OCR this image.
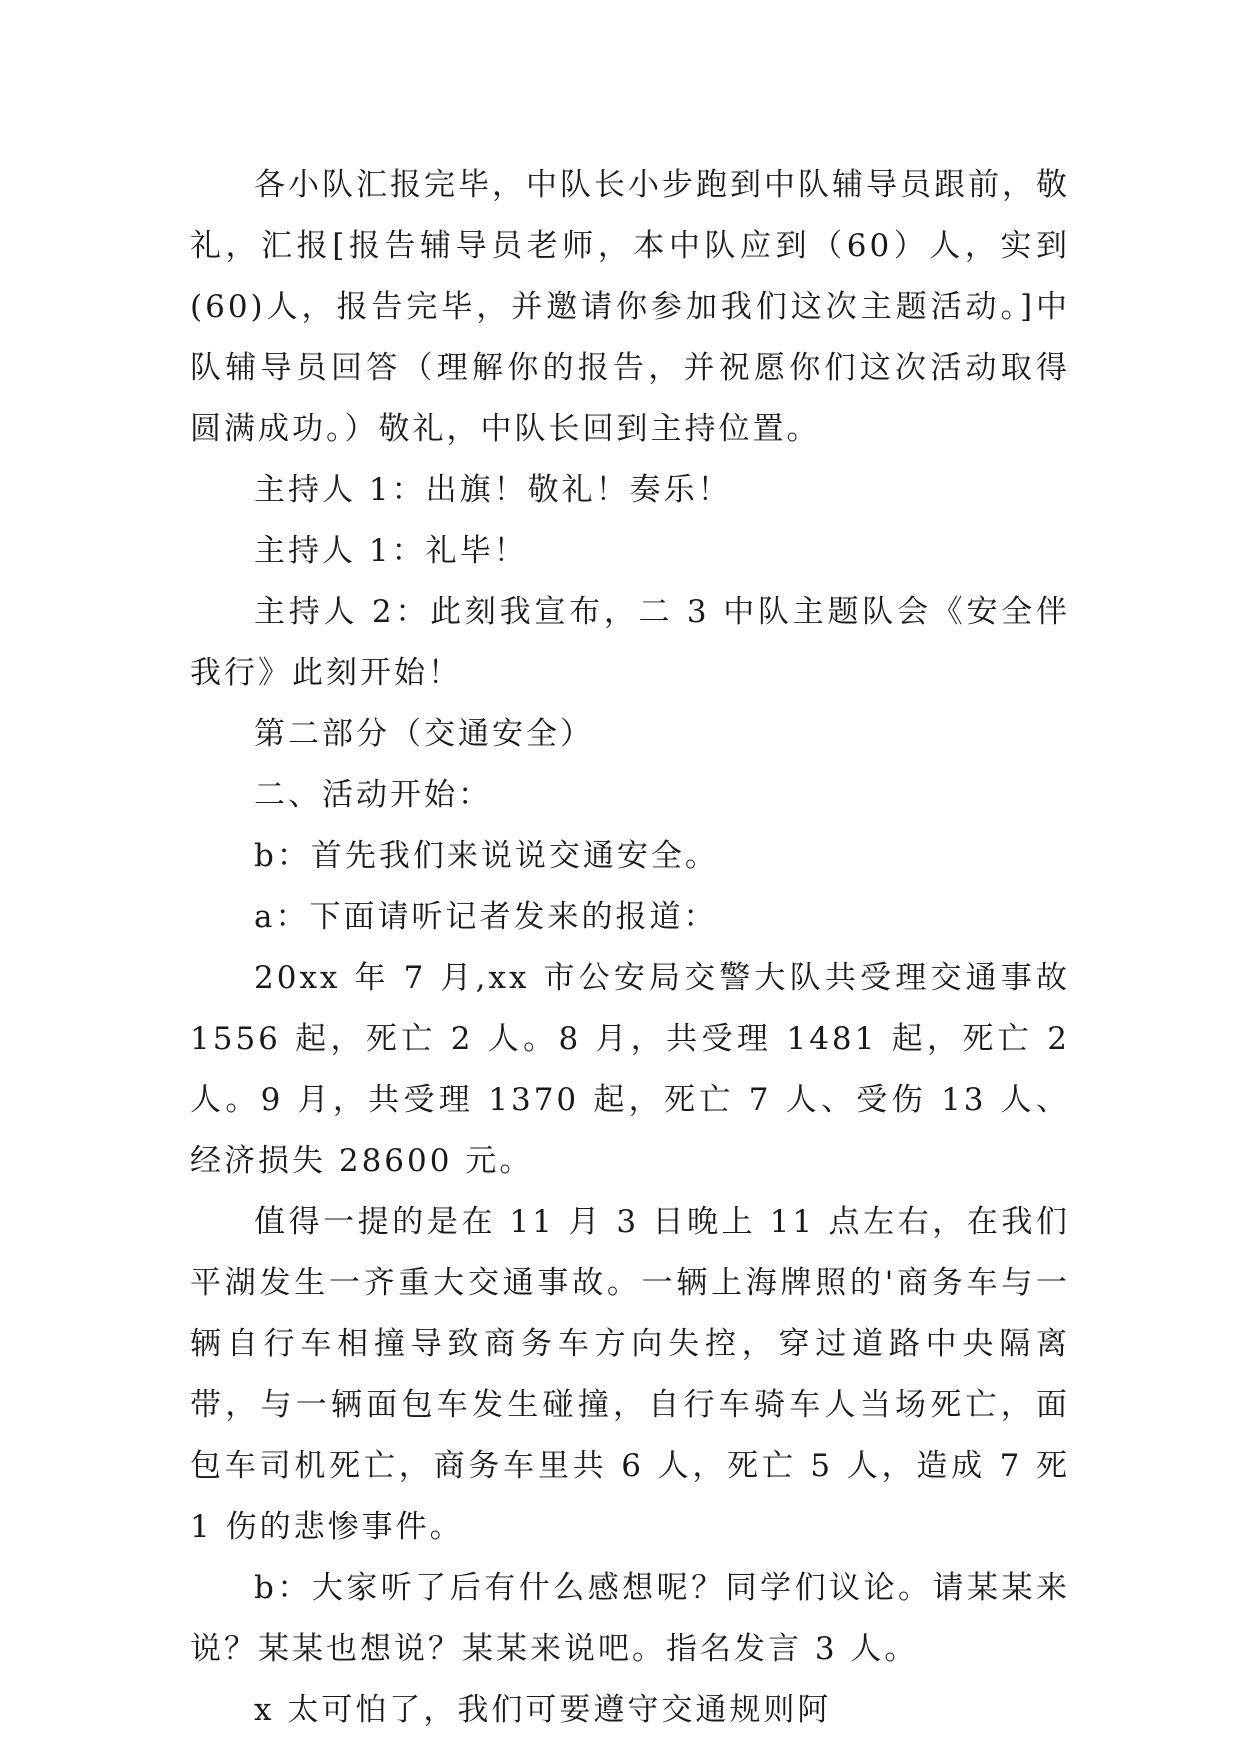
各小队汇报完毕，中队长小步跑到中队辅导员跟前，敬礼，汇报[报告辅导员老师，本中队应到（60）人，实到(60)人，报告完毕，并邀请你参加我们这次主题活动。]中队辅导员回答（理解你的报告，并祝愿你们这次活动取得圆满成功。）敬礼，中队长回到主持位置。

主持人 1：出旗！敬礼！奏乐！

主持人 1：礼毕！

主持人 2：此刻我宣布，二 3 中队主题队会《安全伴我行》此刻开始！

第二部分（交通安全）

二、活动开始：

b：首先我们来说说交通安全。

a：下面请听记者发来的报道：

20xx 年 7 月,xx 市公安局交警大队共受理交通事故 1556 起，死亡 2 人。8 月，共受理 1481 起，死亡 2 人。9 月，共受理 1370 起，死亡 7 人、受伤 13 人、经济损失 28600 元。

值得一提的是在 11 月 3 日晚上 11 点左右，在我们平湖发生一齐重大交通事故。一辆上海牌照的'商务车与一辆自行车相撞导致商务车方向失控，穿过道路中央隔离带，与一辆面包车发生碰撞，自行车骑车人当场死亡，面包车司机死亡，商务车里共 6 人，死亡 5 人，造成 7 死 1 伤的悲惨事件。

b：大家听了后有什么感想呢？同学们议论。请某某来说？某某也想说？某某来说吧。指名发言 3 人。

x 太可怕了，我们可要遵守交通规则阿
